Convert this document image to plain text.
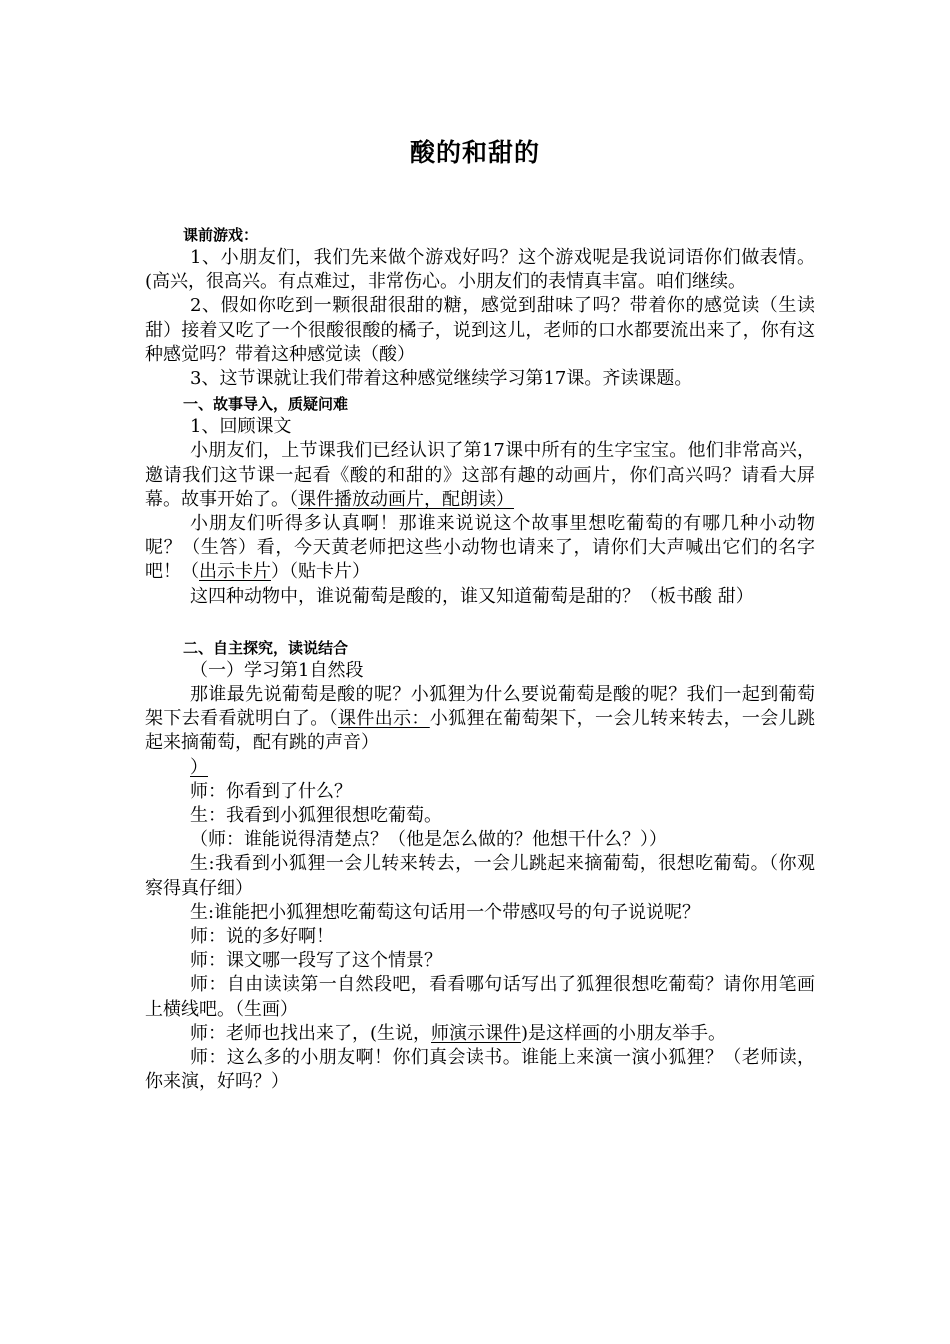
酸的和甜的
课前游戏：

1、小朋友们，我们先来做个游戏好吗？这个游戏呢是我说词语你们做表情。(高兴，很高兴。有点难过，非常伤心。小朋友们的表情真丰富。咱们继续。

2、假如你吃到一颗很甜很甜的糖，感觉到甜味了吗？带着你的感觉读（生读甜）接着又吃了一个很酸很酸的橘子，说到这儿，老师的口水都要流出来了，你有这种感觉吗？带着这种感觉读（酸）

3、这节课就让我们带着这种感觉继续学习第17课。齐读课题。

一、故事导入，质疑问难

1、回顾课文

小朋友们，上节课我们已经认识了第17课中所有的生字宝宝。他们非常高兴，邀请我们这节课一起看《酸的和甜的》这部有趣的动画片，你们高兴吗？请看大屏幕。故事开始了。（课件播放动画片，配朗读）

小朋友们听得多认真啊！那谁来说说这个故事里想吃葡萄的有哪几种小动物呢？（生答）看，今天黄老师把这些小动物也请来了，请你们大声喊出它们的名字吧！（出示卡片）（贴卡片）

这四种动物中，谁说葡萄是酸的，谁又知道葡萄是甜的？（板书酸 甜）

二、自主探究，读说结合

（一）学习第1自然段

那谁最先说葡萄是酸的呢？小狐狸为什么要说葡萄是酸的呢？我们一起到葡萄架下去看看就明白了。（课件出示：小狐狸在葡萄架下，一会儿转来转去，一会儿跳起来摘葡萄，配有跳的声音）

）

师：你看到了什么？

生：我看到小狐狸很想吃葡萄。

（师：谁能说得清楚点？（他是怎么做的？他想干什么？））

生:我看到小狐狸一会儿转来转去，一会儿跳起来摘葡萄，很想吃葡萄。（你观察得真仔细）

生:谁能把小狐狸想吃葡萄这句话用一个带感叹号的句子说说呢？

师：说的多好啊！

师：课文哪一段写了这个情景？

师：自由读读第一自然段吧，看看哪句话写出了狐狸很想吃葡萄？请你用笔画上横线吧。（生画）

师：老师也找出来了，(生说，师演示课件)是这样画的小朋友举手。

师：这么多的小朋友啊！你们真会读书。谁能上来演一演小狐狸？（老师读，你来演，好吗？）
